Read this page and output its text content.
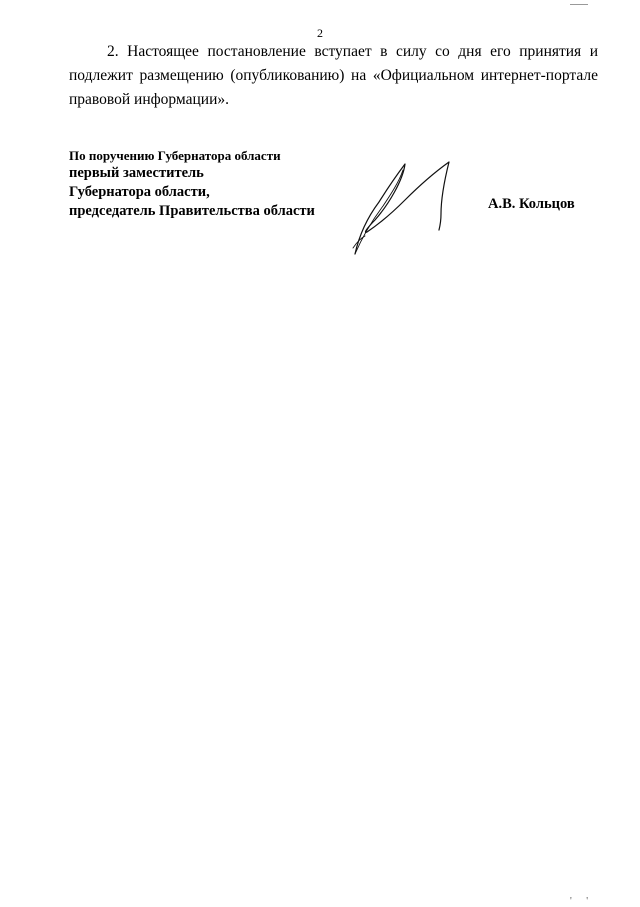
2

2. Настоящее постановление вступает в силу со дня его принятия и подлежит размещению (опубликованию) на «Официальном интернет-портале правовой информации».

По поручению Губернатора области
первый заместитель
Губернатора области,
председатель Правительства области	А.В. Кольцов
' '
